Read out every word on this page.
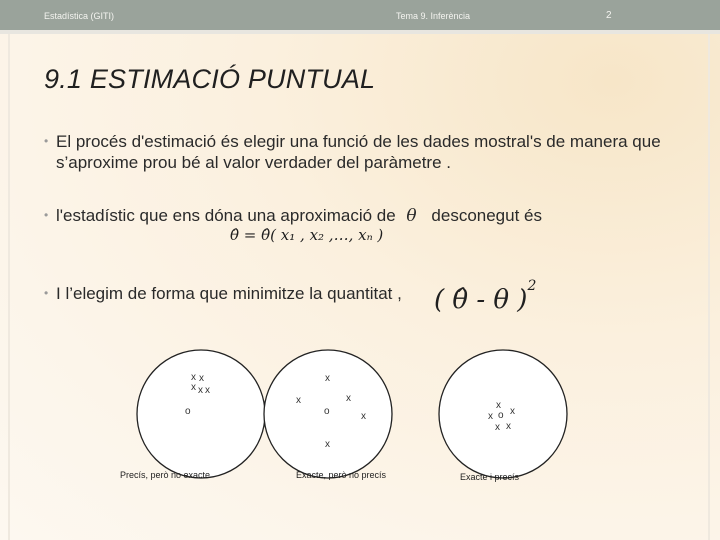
Estadística (GITI)	Tema 9. Inferència	2
9.1 ESTIMACIÓ PUNTUAL
• El procés d'estimació és elegir una funció de les dades mostral's de manera que s’aproxime prou bé al valor verdader del paràmetre .
• l'estadístic que ens dóna una aproximació de θ desconegut és
θ̂ = θ̂( x₁ , x₂ ,…, xₙ )
• I l’elegim de forma que minimitze la quantitat ,	( θ̂ - θ )$^2$
o
x x
x x x
o
x
x	x
x
x
o
x
x x
x x
Precís, però no exacte	Exacte, però no precís	Exacte i precís
